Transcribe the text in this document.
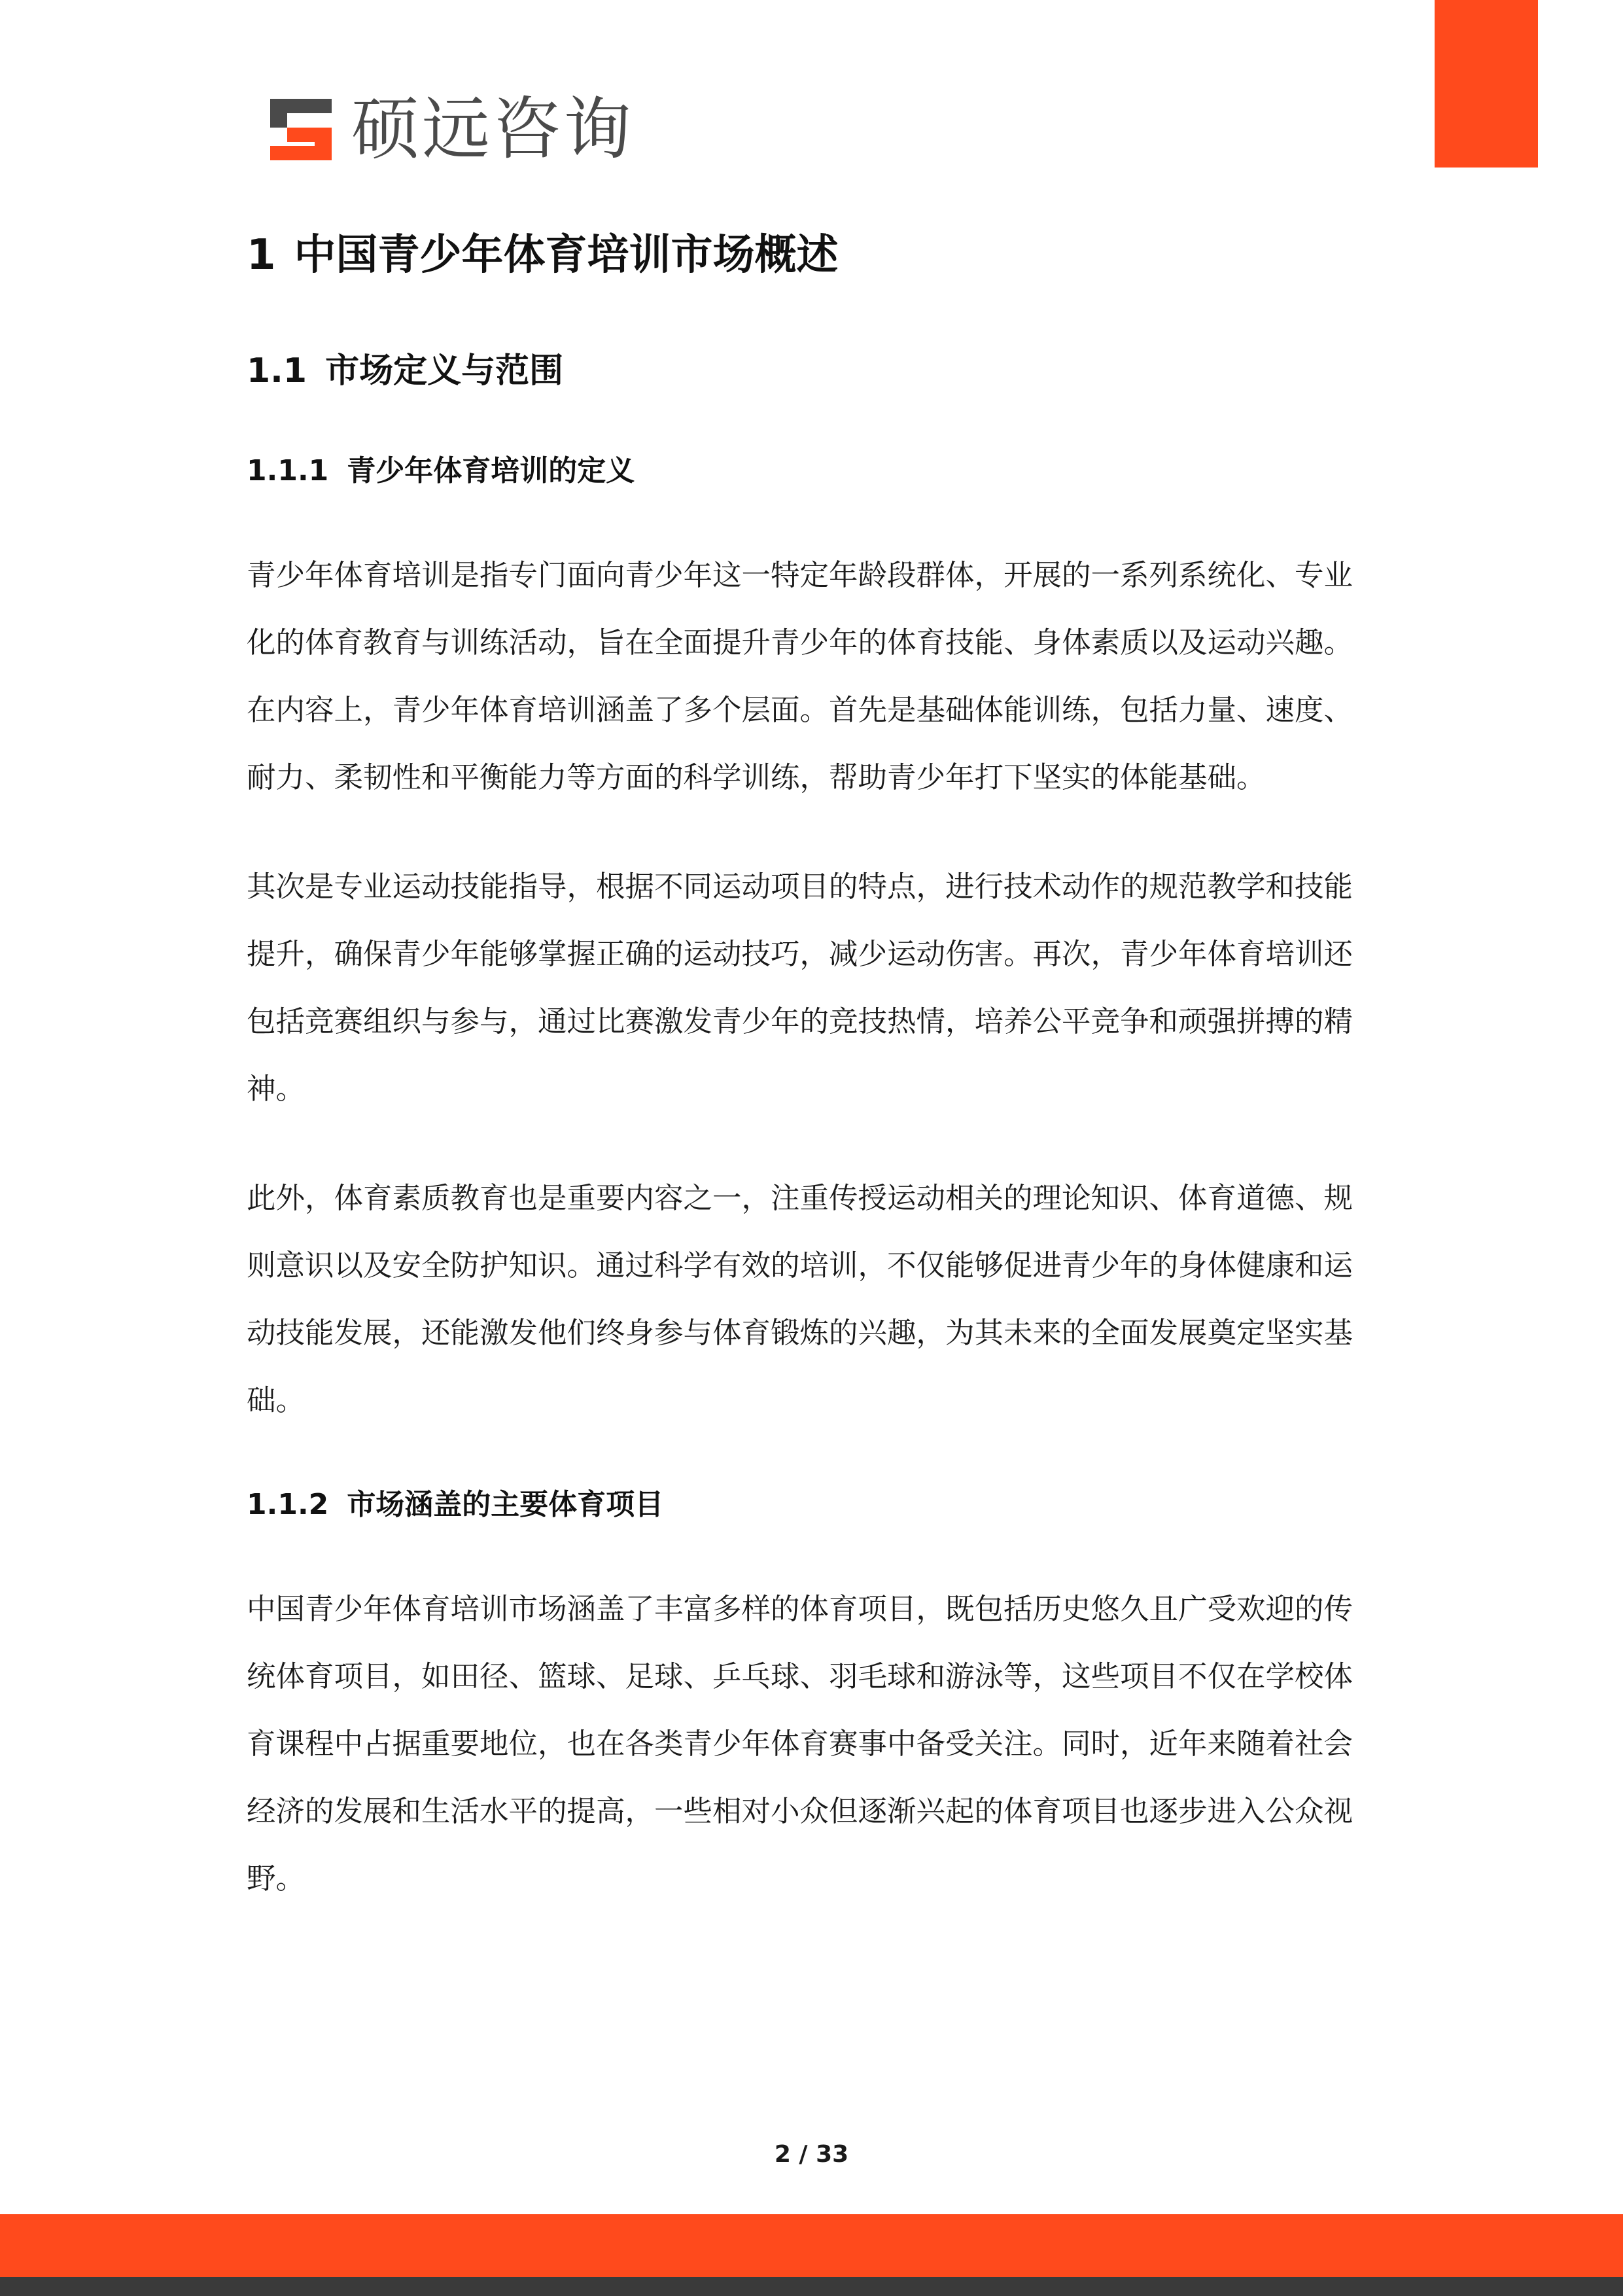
硕远咨询
1 中国青少年体育培训市场概述
1.1 市场定义与范围
1.1.1 青少年体育培训的定义

青少年体育培训是指专门面向青少年这一特定年龄段群体，开展的一系列系统化、专业化的体育教育与训练活动，旨在全面提升青少年的体育技能、身体素质以及运动兴趣。在内容上，青少年体育培训涵盖了多个层面。首先是基础体能训练，包括力量、速度、耐力、柔韧性和平衡能力等方面的科学训练，帮助青少年打下坚实的体能基础。

其次是专业运动技能指导，根据不同运动项目的特点，进行技术动作的规范教学和技能提升，确保青少年能够掌握正确的运动技巧，减少运动伤害。再次，青少年体育培训还包括竞赛组织与参与，通过比赛激发青少年的竞技热情，培养公平竞争和顽强拼搏的精神。

此外，体育素质教育也是重要内容之一，注重传授运动相关的理论知识、体育道德、规则意识以及安全防护知识。通过科学有效的培训，不仅能够促进青少年的身体健康和运动技能发展，还能激发他们终身参与体育锻炼的兴趣，为其未来的全面发展奠定坚实基础。

1.1.2 市场涵盖的主要体育项目

中国青少年体育培训市场涵盖了丰富多样的体育项目，既包括历史悠久且广受欢迎的传统体育项目，如田径、篮球、足球、乒乓球、羽毛球和游泳等，这些项目不仅在学校体育课程中占据重要地位，也在各类青少年体育赛事中备受关注。同时，近年来随着社会经济的发展和生活水平的提高，一些相对小众但逐渐兴起的体育项目也逐步进入公众视野。

2 / 33
